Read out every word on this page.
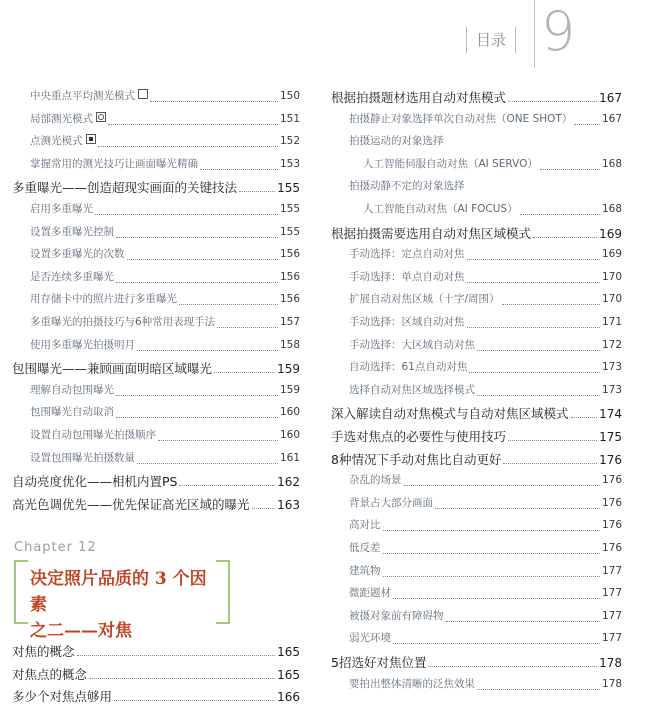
目录 9
中央重点平均测光模式	150
局部测光模式	151
点测光模式	152
掌握常用的测光技巧让画面曝光精确	153
多重曝光——创造超现实画面的关键技法	155
启用多重曝光	155
设置多重曝光控制	155
设置多重曝光的次数	156
是否连续多重曝光	156
用存储卡中的照片进行多重曝光	156
多重曝光的拍摄技巧与6种常用表现手法	157
使用多重曝光拍摄明月	158
包围曝光——兼顾画面明暗区域曝光	159
理解自动包围曝光	159
包围曝光自动取消	160
设置自动包围曝光拍摄顺序	160
设置包围曝光拍摄数量	161
自动亮度优化——相机内置PS	162
高光色调优先——优先保证高光区域的曝光 163
Chapter 12
决定照片品质的 3 个因素
之二——对焦
对焦的概念	165
对焦点的概念	165
多少个对焦点够用	166
根据拍摄题材选用自动对焦模式	167
拍摄静止对象选择单次自动对焦（ONE SHOT）	167
拍摄运动的对象选择
人工智能伺服自动对焦（AI SERVO）	168
拍摄动静不定的对象选择
人工智能自动对焦（AI FOCUS）	168
根据拍摄需要选用自动对焦区域模式	169
手动选择：定点自动对焦	169
手动选择：单点自动对焦	170
扩展自动对焦区域（十字/周围）	170
手动选择：区域自动对焦	171
手动选择：大区域自动对焦	172
自动选择：61点自动对焦	173
选择自动对焦区域选择模式	173
深入解读自动对焦模式与自动对焦区域模式	174
手选对焦点的必要性与使用技巧	175
8种情况下手动对焦比自动更好	176
杂乱的场景	176
背景占大部分画面	176
高对比	176
低反差	176
建筑物	177
微距题材	177
被摄对象前有障碍物	177
弱光环境	177
5招选好对焦位置	178
要拍出整体清晰的泛焦效果	178
